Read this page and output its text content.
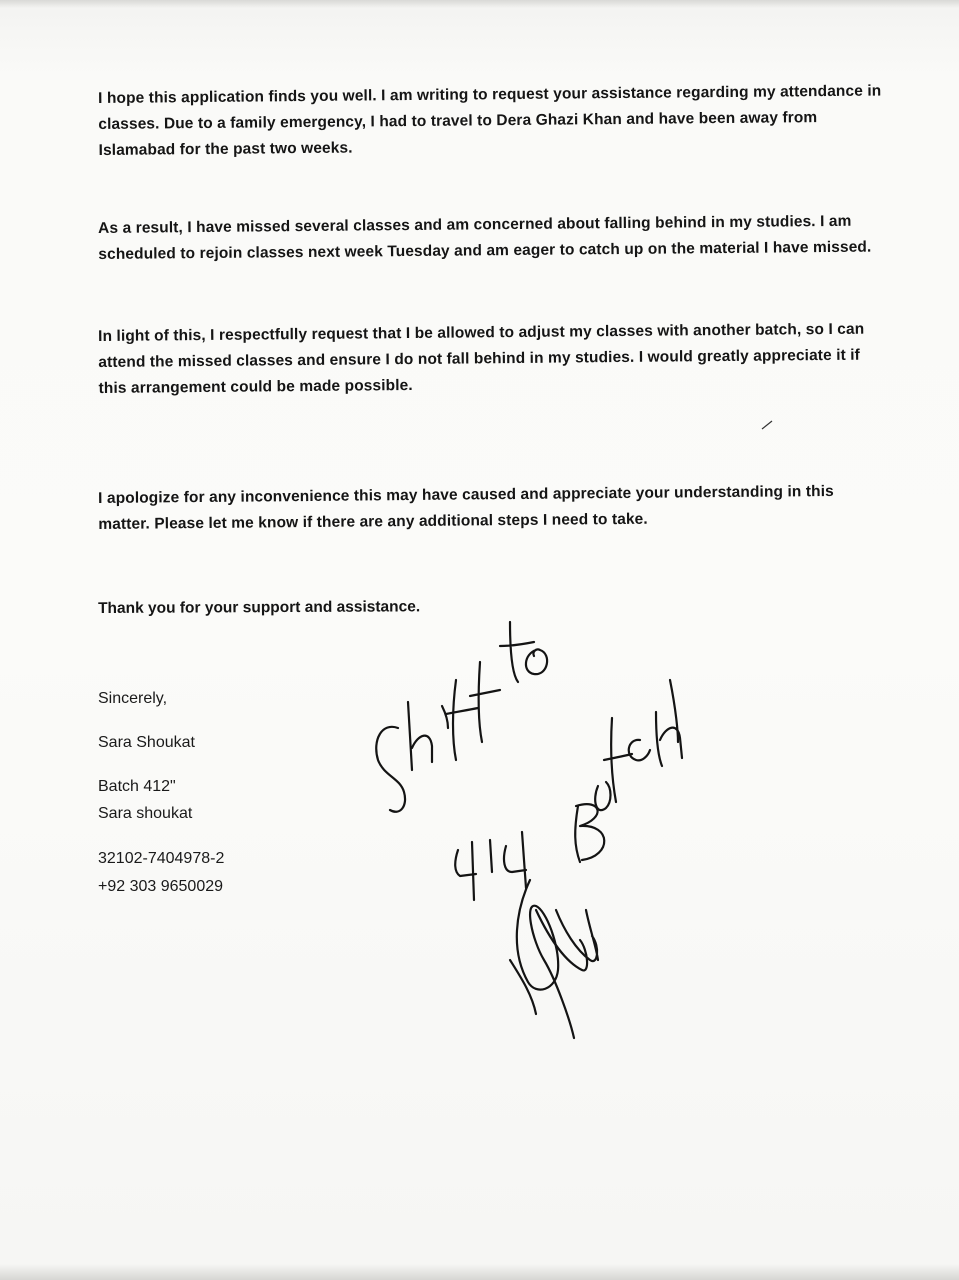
I hope this application finds you well. I am writing to request your assistance regarding my attendance in classes. Due to a family emergency, I had to travel to Dera Ghazi Khan and have been away from Islamabad for the past two weeks.
As a result, I have missed several classes and am concerned about falling behind in my studies. I am scheduled to rejoin classes next week Tuesday and am eager to catch up on the material I have missed.
In light of this, I respectfully request that I be allowed to adjust my classes with another batch, so I can attend the missed classes and ensure I do not fall behind in my studies. I would greatly appreciate it if this arrangement could be made possible.
I apologize for any inconvenience this may have caused and appreciate your understanding in this matter. Please let me know if there are any additional steps I need to take.
Thank you for your support and assistance.
Sincerely,
Sara Shoukat
Batch 412"
Sara shoukat
32102-7404978-2
+92 303 9650029
